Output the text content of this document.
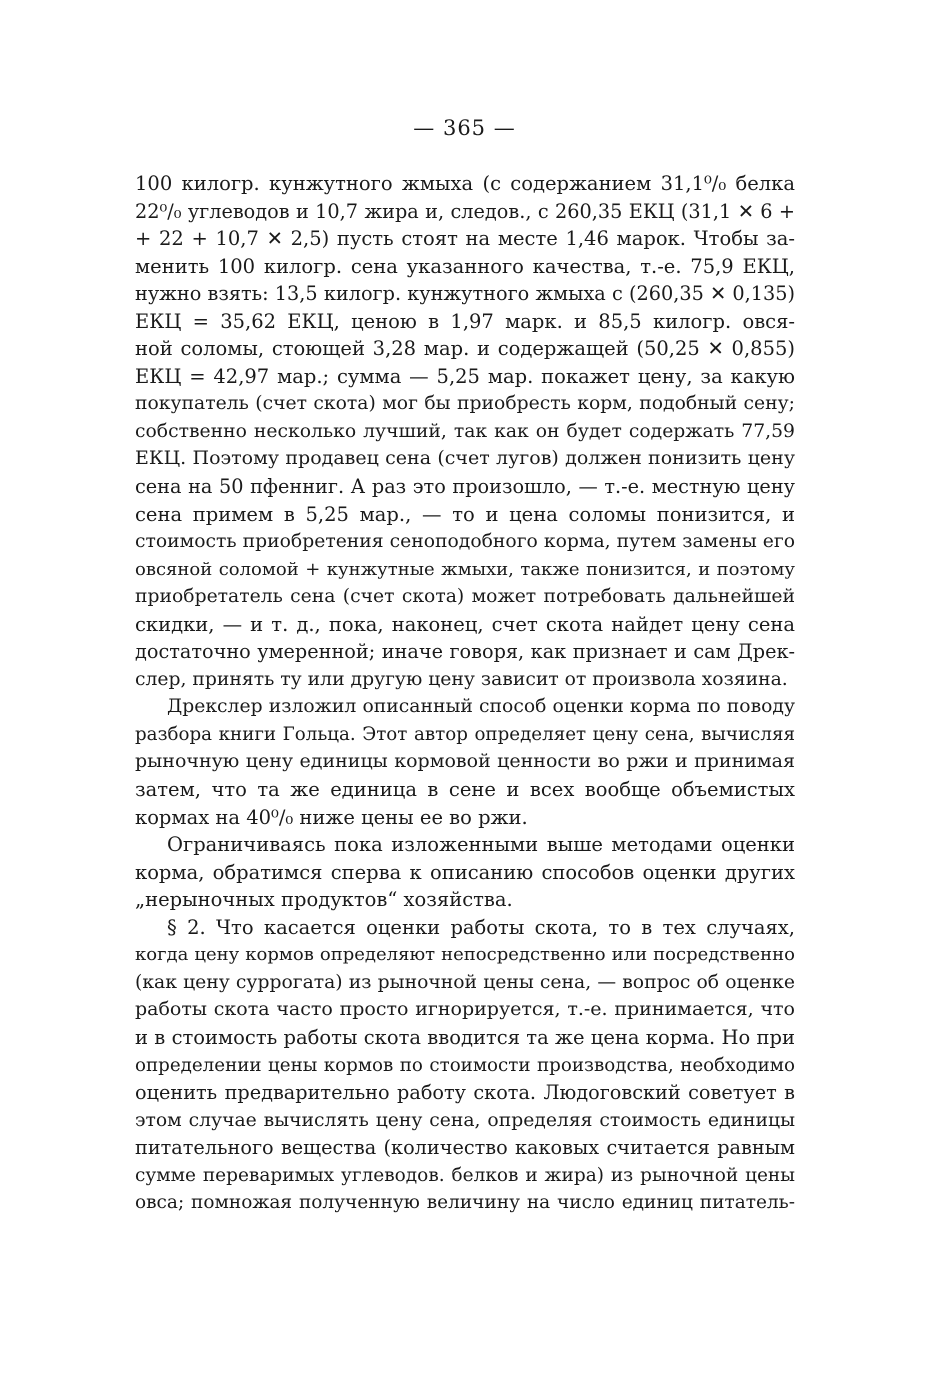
— 365 —
100 килогр. кунжутного жмыха (с содержанием 31,1⁰/₀ белка
22⁰/₀ углеводов и 10,7 жира и, следов., с 260,35 ЕКЦ (31,1 ✕ 6 +
+ 22 + 10,7 ✕ 2,5) пусть стоят на месте 1,46 марок. Чтобы за-
менить 100 килогр. сена указанного качества, т.-е. 75,9 ЕКЦ,
нужно взять: 13,5 килогр. кунжутного жмыха с (260,35 ✕ 0,135)
ЕКЦ = 35,62 ЕКЦ, ценою в 1,97 марк. и 85,5 килогр. овся-
ной соломы, стоющей 3,28 мар. и содержащей (50,25 ✕ 0,855)
ЕКЦ = 42,97 мар.; сумма — 5,25 мар. покажет цену, за какую
покупатель (счет скота) мог бы приобресть корм, подобный сену;
собственно несколько лучший, так как он будет содержать 77,59
ЕКЦ. Поэтому продавец сена (счет лугов) должен понизить цену
сена на 50 пфенниг. А раз это произошло, — т.-е. местную цену
сена примем в 5,25 мар., — то и цена соломы понизится, и
стоимость приобретения сеноподобного корма, путем замены его
овсяной соломой + кунжутные жмыхи, также понизится, и поэтому
приобретатель сена (счет скота) может потребовать дальнейшей
скидки, — и т. д., пока, наконец, счет скота найдет цену сена
достаточно умеренной; иначе говоря, как признает и сам Дрек-
слер, принять ту или другую цену зависит от произвола хозяина.
Дрекслер изложил описанный способ оценки корма по поводу
разбора книги Гольца. Этот автор определяет цену сена, вычисляя
рыночную цену единицы кормовой ценности во ржи и принимая
затем, что та же единица в сене и всех вообще объемистых
кормах на 40⁰/₀ ниже цены ее во ржи.
Ограничиваясь пока изложенными выше методами оценки
корма, обратимся сперва к описанию способов оценки других
„нерыночных продуктов“ хозяйства.
§ 2. Что касается оценки работы скота, то в тех случаях,
когда цену кормов определяют непосредственно или посредственно
(как цену суррогата) из рыночной цены сена, — вопрос об оценке
работы скота часто просто игнорируется, т.-е. принимается, что
и в стоимость работы скота вводится та же цена корма. Но при
определении цены кормов по стоимости производства, необходимо
оценить предварительно работу скота. Людоговский советует в
этом случае вычислять цену сена, определяя стоимость единицы
питательного вещества (количество каковых считается равным
сумме переваримых углеводов. белков и жира) из рыночной цены
овса; помножая полученную величину на число единиц питатель-
